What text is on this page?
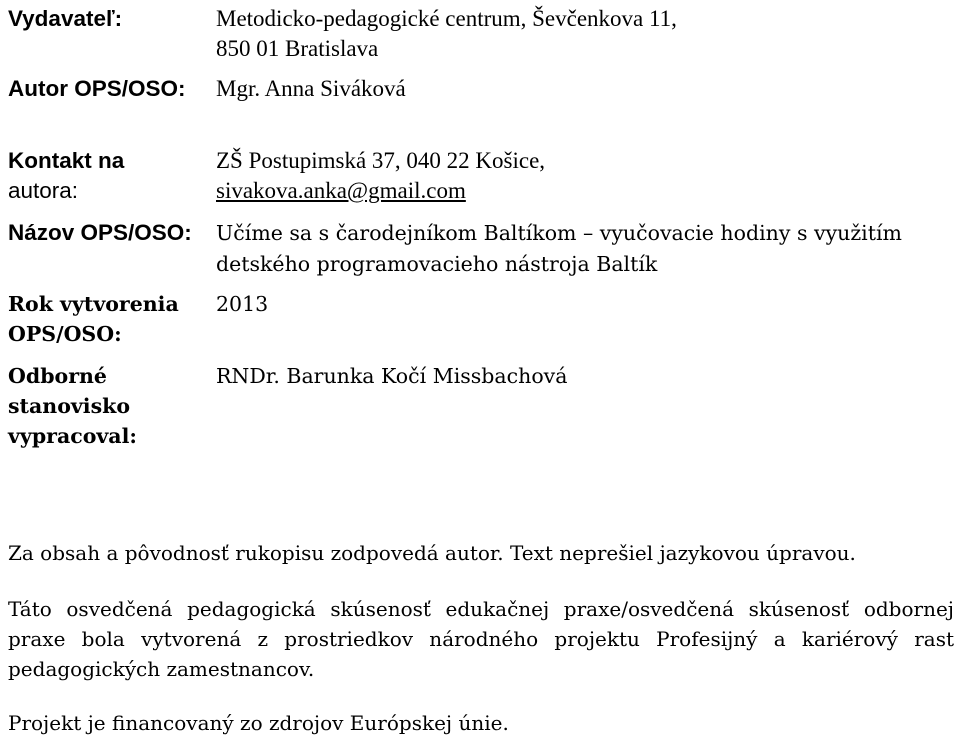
Vydavateľ:	Metodicko-pedagogické centrum, Ševčenkova 11,
850 01 Bratislava
Autor OPS/OSO: Mgr. Anna Siváková
Kontakt na
autora:
ZŠ Postupimská 37, 040 22 Košice,
sivakova.anka@gmail.com
Názov OPS/OSO: Učíme sa s čarodejníkom Baltíkom – vyučovacie hodiny s využitím
detského programovacieho nástroja Baltík
Rok vytvorenia
OPS/OSO:
2013
Odborné
stanovisko
vypracoval:
RNDr. Barunka Kočí Missbachová
Za obsah a pôvodnosť rukopisu zodpovedá autor. Text neprešiel jazykovou úpravou.
Táto osvedčená pedagogická skúsenosť edukačnej praxe/osvedčená skúsenosť odbornej praxe bola vytvorená z prostriedkov národného projektu Profesijný a kariérový rast pedagogických zamestnancov.
Projekt je financovaný zo zdrojov Európskej únie.
